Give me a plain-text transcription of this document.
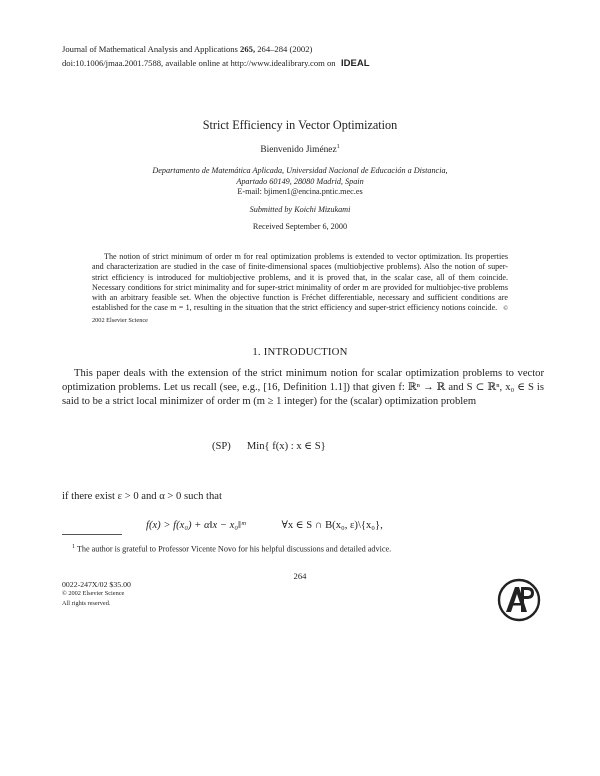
Journal of Mathematical Analysis and Applications 265, 264–284 (2002)
doi:10.1006/jmaa.2001.7588, available online at http://www.idealibrary.com on IDEAL
Strict Efficiency in Vector Optimization
Bienvenido Jiménez$^1$
Departamento de Matemática Aplicada, Universidad Nacional de Educación a Distancia,
Apartado 60149, 28080 Madrid, Spain
E-mail: bjimen1@encina.pntic.mec.es
Submitted by Koichi Mizukami
Received September 6, 2000
The notion of strict minimum of order m for real optimization problems is extended to vector optimization. Its properties and characterization are studied in the case of finite-dimensional spaces (multiobjective problems). Also the notion of super-strict efficiency is introduced for multiobjective problems, and it is proved that, in the scalar case, all of them coincide. Necessary conditions for strict minimality and for super-strict minimality of order m are provided for multiobjec-tive problems with an arbitrary feasible set. When the objective function is Fréchet differentiable, necessary and sufficient conditions are established for the case m = 1, resulting in the situation that the strict efficiency and super-strict efficiency notions coincide. © 2002 Elsevier Science
1. INTRODUCTION
This paper deals with the extension of the strict minimum notion for scalar optimization problems to vector optimization problems. Let us recall (see, e.g., [16, Definition 1.1]) that given f: ℝⁿ → ℝ and S ⊂ ℝⁿ, x₀ ∈ S is said to be a strict local minimizer of order m (m ≥ 1 integer) for the (scalar) optimization problem
(SP) Min{ f(x) : x ∈ S}
if there exist ε > 0 and α > 0 such that
f(x) > f(x₀) + α‖x − x₀‖ᵐ	∀x ∈ S ∩ B(x₀, ε)\{x₀},
$^1$ The author is grateful to Professor Vicente Novo for his helpful discussions and detailed advice.
264
0022-247X/02 $35.00
© 2002 Elsevier Science
All rights reserved.
